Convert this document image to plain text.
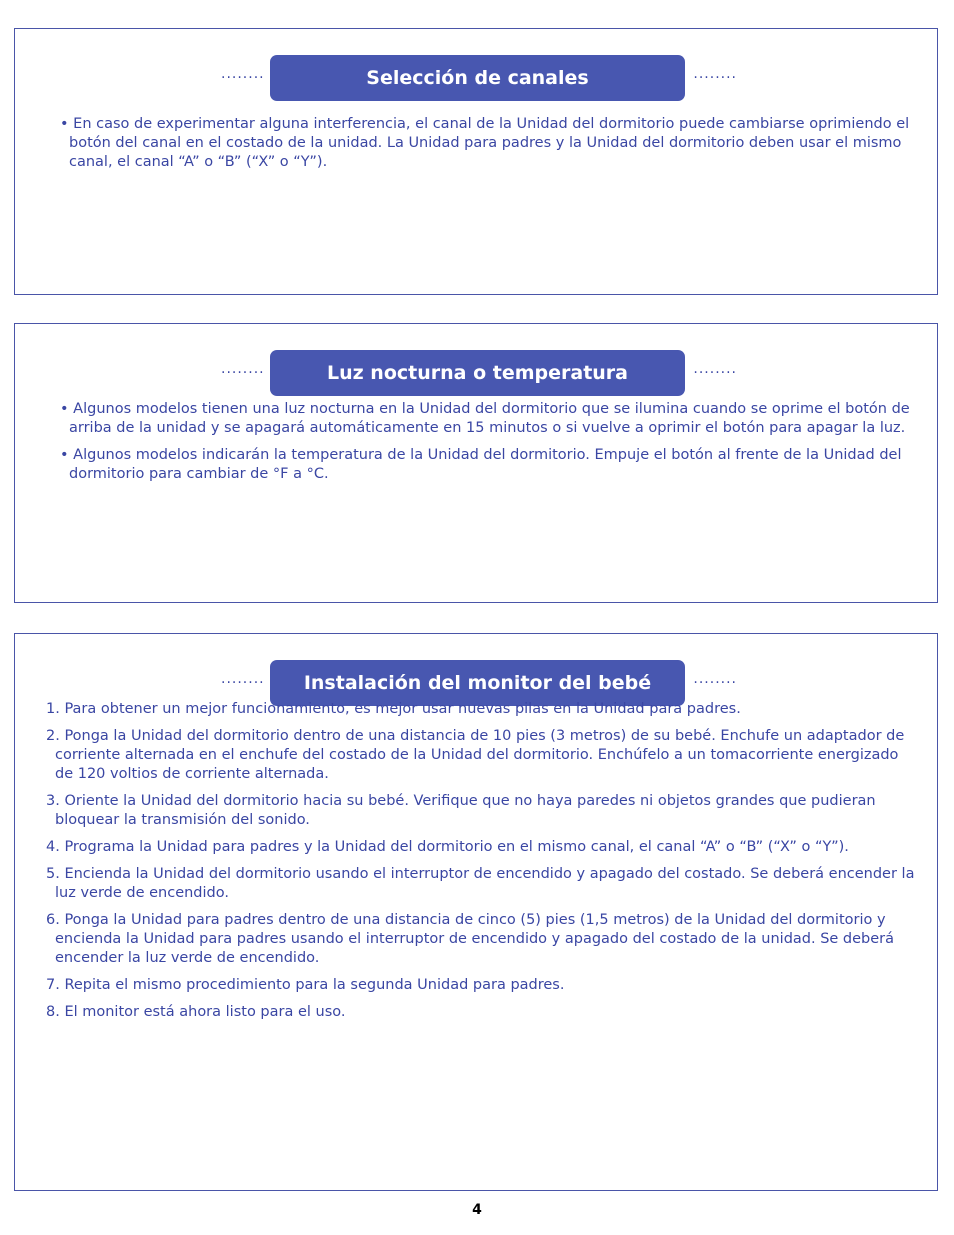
........	Selección de canales	........

• En caso de experimentar alguna interferencia, el canal de la Unidad del dormitorio puede cambiarse oprimiendo el botón del canal en el costado de la unidad. La Unidad para padres y la Unidad del dormitorio deben usar el mismo canal, el canal “A” o “B” (“X” o “Y”).

........	Luz nocturna o temperatura	........

• Algunos modelos tienen una luz nocturna en la Unidad del dormitorio que se ilumina cuando se oprime el botón de arriba de la unidad y se apagará automáticamente en 15 minutos o si vuelve a oprimir el botón para apagar la luz.

• Algunos modelos indicarán la temperatura de la Unidad del dormitorio. Empuje el botón al frente de la Unidad del dormitorio para cambiar de °F a °C.

........	Instalación del monitor del bebé	........

1. Para obtener un mejor funcionamiento, es mejor usar nuevas pilas en la Unidad para padres.

2. Ponga la Unidad del dormitorio dentro de una distancia de 10 pies (3 metros) de su bebé. Enchufe un adaptador de corriente alternada en el enchufe del costado de la Unidad del dormitorio. Enchúfelo a un tomacorriente energizado de 120 voltios de corriente alternada.

3. Oriente la Unidad del dormitorio hacia su bebé. Verifique que no haya paredes ni objetos grandes que pudieran bloquear la transmisión del sonido.

4. Programa la Unidad para padres y la Unidad del dormitorio en el mismo canal, el canal “A” o “B” (“X” o “Y”).

5. Encienda la Unidad del dormitorio usando el interruptor de encendido y apagado del costado. Se deberá encender la luz verde de encendido.

6. Ponga la Unidad para padres dentro de una distancia de cinco (5) pies (1,5 metros) de la Unidad del dormitorio y encienda la Unidad para padres usando el interruptor de encendido y apagado del costado de la unidad. Se deberá encender la luz verde de encendido.

7. Repita el mismo procedimiento para la segunda Unidad para padres.

8. El monitor está ahora listo para el uso.

4
